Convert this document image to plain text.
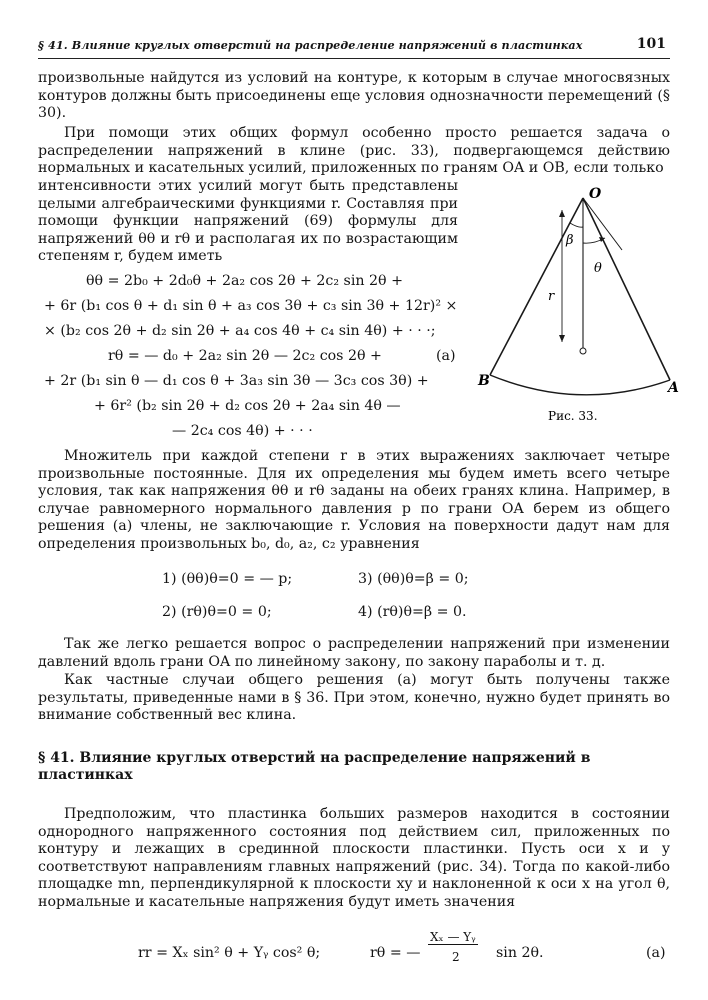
§ 41. Влияние круглых отверстий на распределение напряжений в пластинках	101

произвольные найдутся из условий на контуре, к которым в случае многосвязных контуров должны быть присоединены еще условия однозначности перемещений (§ 30).

При помощи этих общих формул особенно просто решается задача о распределении напряжений в клине (рис. 33), подвергающемся действию нормальных и касательных усилий, приложенных по граням OA и OB, если только

интенсивности этих усилий могут быть представлены целыми алгебраическими функциями r. Составляя при помощи функции напряжений (69) формулы для напряжений θθ и rθ и располагая их по возрастающим степеням r, будем иметь

θθ = 2b₀ + 2d₀θ + 2a₂ cos 2θ + 2c₂ sin 2θ +
+ 6r (b₁ cos θ + d₁ sin θ + a₃ cos 3θ + c₃ sin 3θ + 12r)² ×
× (b₂ cos 2θ + d₂ sin 2θ + a₄ cos 4θ + c₄ sin 4θ) + · · ·;
rθ = — d₀ + 2a₂ sin 2θ — 2c₂ cos 2θ +	(a)
+ 2r (b₁ sin θ — d₁ cos θ + 3a₃ sin 3θ — 3c₃ cos 3θ) +
+ 6r² (b₂ sin 2θ + d₂ cos 2θ + 2a₄ sin 4θ —
— 2c₄ cos 4θ) + · · ·
O
B	A
β
θ
r
Рис. 33.

Множитель при каждой степени r в этих выражениях заключает четыре произвольные постоянные. Для их определения мы будем иметь всего четыре условия, так как напряжения θθ и rθ заданы на обеих гранях клина. Например, в случае равномерного нормального давления p по грани OA берем из общего решения (a) члены, не заключающие r. Условия на поверхности дадут нам для определения произвольных b₀, d₀, a₂, c₂ уравнения

1) (θθ)θ=0 = — p;	3) (θθ)θ=β = 0;
2) (rθ)θ=0 = 0;	4) (rθ)θ=β = 0.

Так же легко решается вопрос о распределении напряжений при изменении давлений вдоль грани OA по линейному закону, по закону параболы и т. д.

Как частные случаи общего решения (a) могут быть получены также результаты, приведенные нами в § 36. При этом, конечно, нужно будет принять во внимание собственный вес клина.

§ 41. Влияние круглых отверстий на распределение напряжений в пластинках

Предположим, что пластинка больших размеров находится в состоянии однородного напряженного состояния под действием сил, приложенных по контуру и лежащих в срединной плоскости пластинки. Пусть оси x и y соответствуют направлениям главных напряжений (рис. 34). Тогда по какой-либо площадке mn, перпендикулярной к плоскости xy и наклоненной к оси x на угол θ, нормальные и касательные напряжения будут иметь значения

rr = Xₓ sin² θ + Yᵧ cos² θ;	rθ = —
Xₓ — Yᵧ
2	sin 2θ.	(a)
